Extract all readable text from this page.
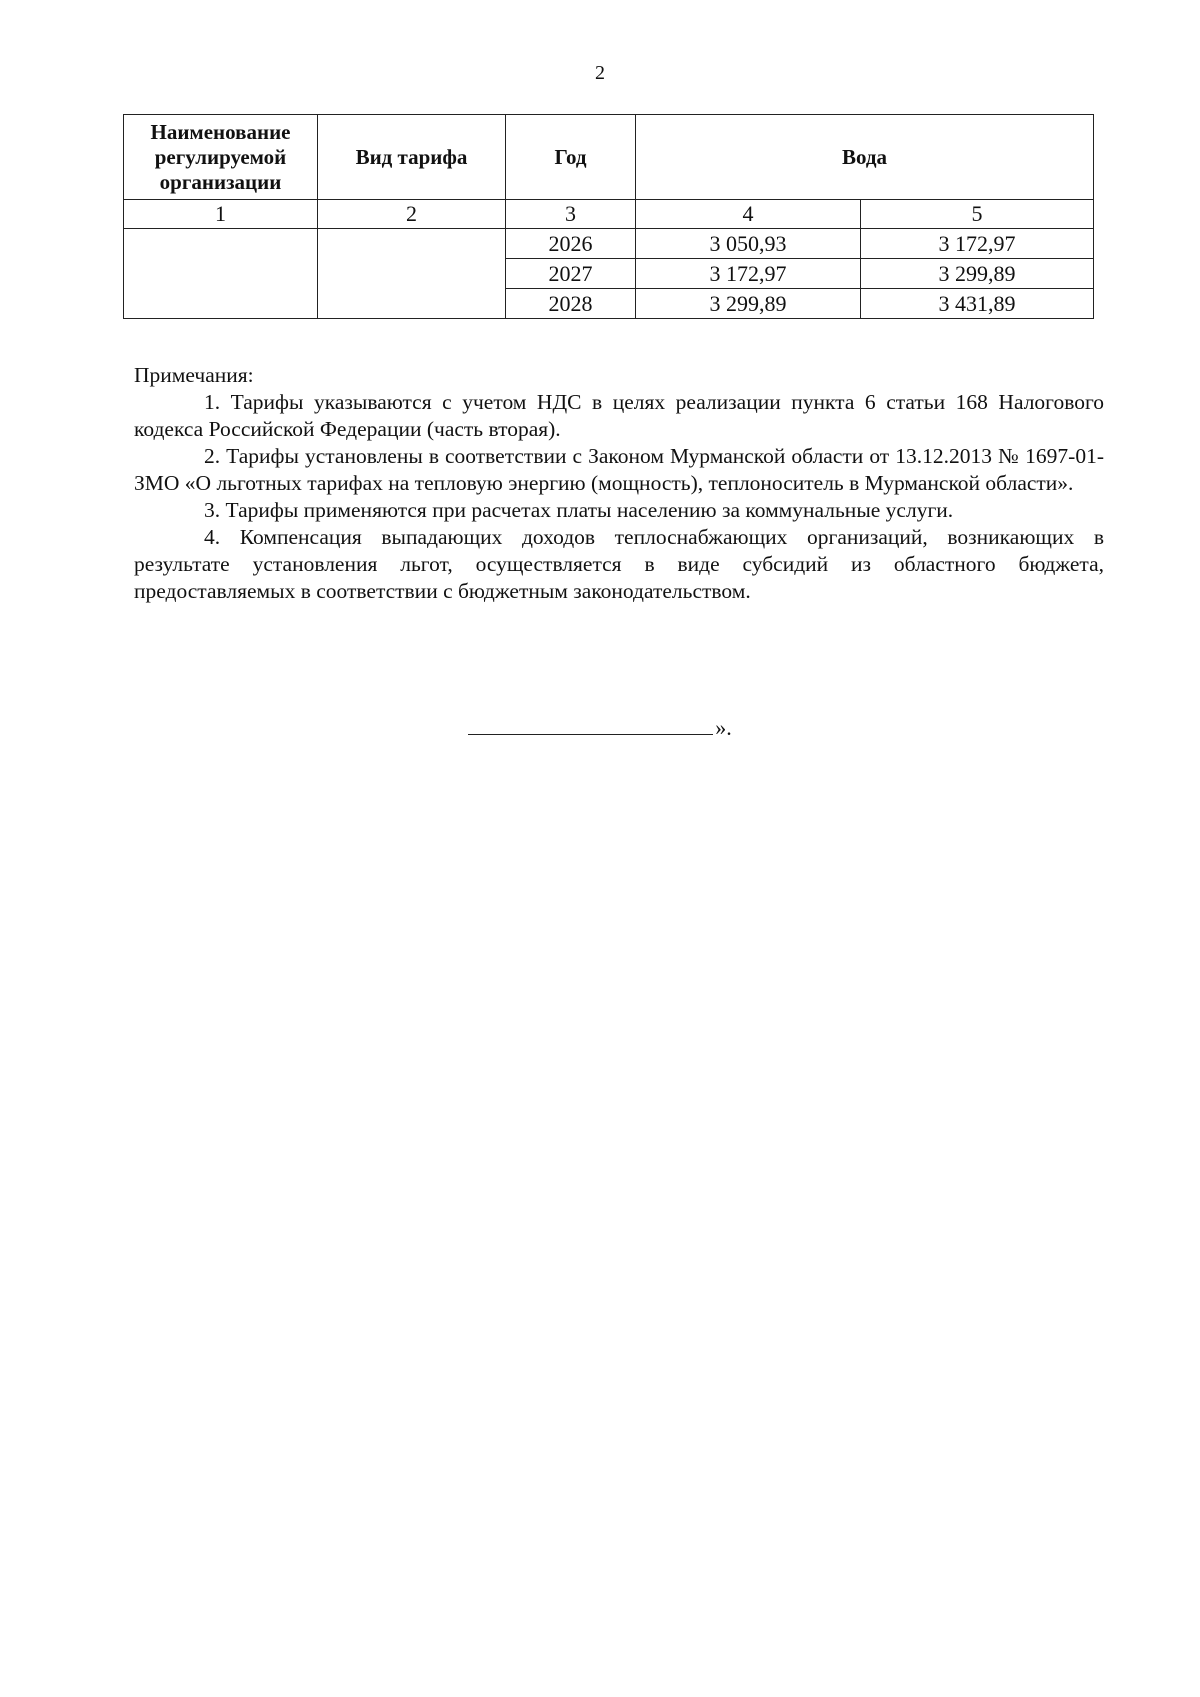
2
Наименование регулируемой организации	Вид тарифа	Год	Вода	
1	2	3	4	5
		2026	3 050,93	3 172,97
		2027	3 172,97	3 299,89
		2028	3 299,89	3 431,89

Примечания:

1. Тарифы указываются с учетом НДС в целях реализации пункта 6 статьи 168 Налогового кодекса Российской Федерации (часть вторая).

2. Тарифы установлены в соответствии с Законом Мурманской области от 13.12.2013 № 1697-01-ЗМО «О льготных тарифах на тепловую энергию (мощность), теплоноситель в Мурманской области».

3. Тарифы применяются при расчетах платы населению за коммунальные услуги.

4. Компенсация выпадающих доходов теплоснабжающих организаций, возникающих в результате установления льгот, осуществляется в виде субсидий из областного бюджета, предоставляемых в соответствии с бюджетным законодательством.

».
